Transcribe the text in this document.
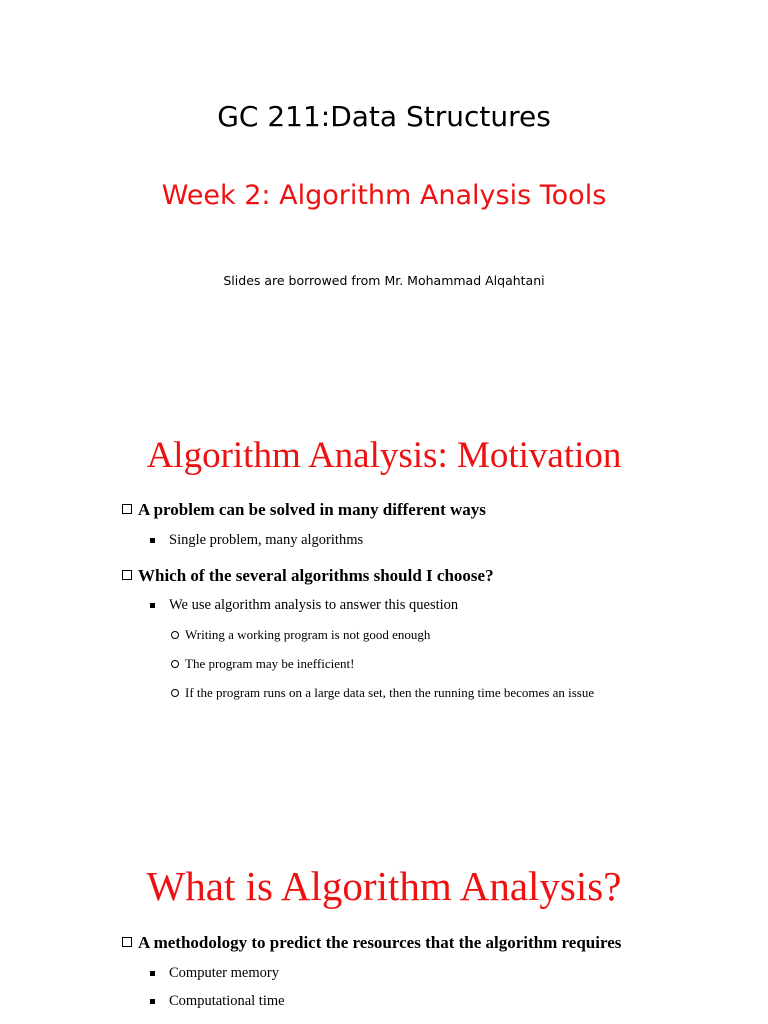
GC 211:Data Structures
Week 2: Algorithm Analysis Tools
Slides are borrowed from Mr. Mohammad Alqahtani
Algorithm Analysis: Motivation
A problem can be solved in many different ways
Single problem, many algorithms
Which of the several algorithms should I choose?
We use algorithm analysis to answer this question
Writing a working program is not good enough
The program may be inefficient!
If the program runs on a large data set, then the running time becomes an issue
What is Algorithm Analysis?
A methodology to predict the resources that the algorithm requires
Computer memory
Computational time
